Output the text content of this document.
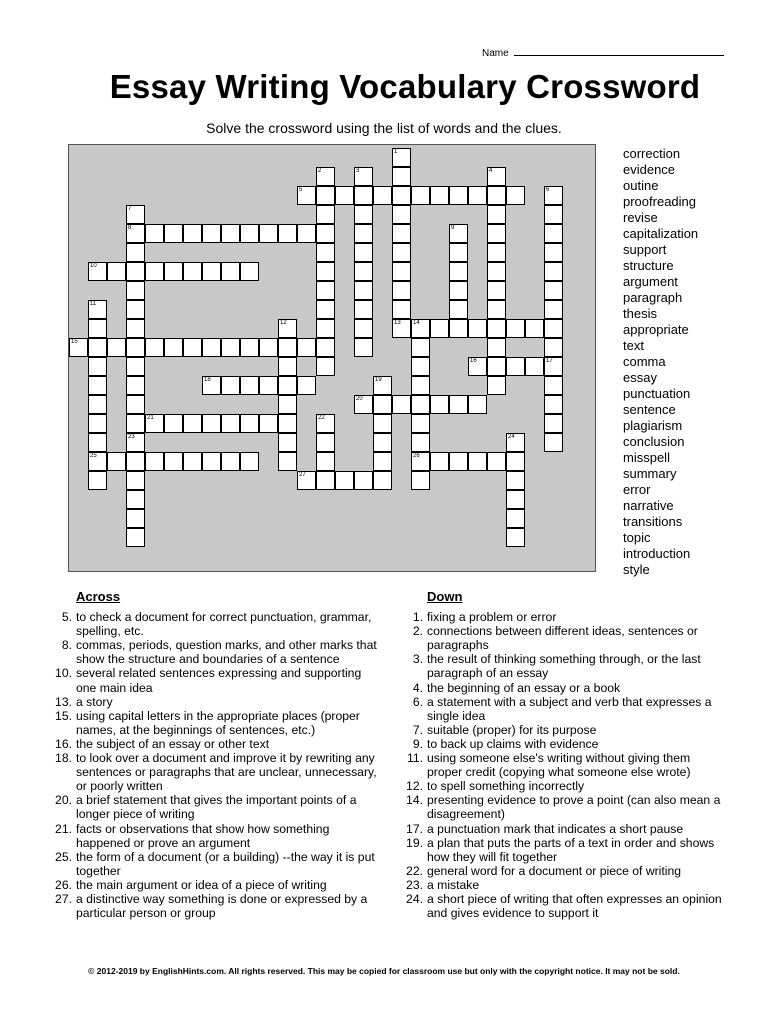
Name
Essay Writing Vocabulary Crossword
Solve the crossword using the list of words and the clues.
5
8
10
13 14
15
16	17
18
20
21
25	26
27
1
2	3	4
6
7
23
9
11
12
19
22
24
correction
evidence
outine
proofreading
revise
capitalization
support
structure
argument
paragraph
thesis
appropriate
text
comma
essay
punctuation
sentence
plagiarism
conclusion
misspell
summary
error
narrative
transitions
topic
introduction
style
Across
5. to check a document for correct punctuation, grammar, spelling, etc.
8. commas, periods, question marks, and other marks that show the structure and boundaries of a sentence
10. several related sentences expressing and supporting one main idea
13. a story
15. using capital letters in the appropriate places (proper names, at the beginnings of sentences, etc.)
16. the subject of an essay or other text
18. to look over a document and improve it by rewriting any sentences or paragraphs that are unclear, unnecessary, or poorly written
20. a brief statement that gives the important points of a longer piece of writing
21. facts or observations that show how something happened or prove an argument
25. the form of a document (or a building) --the way it is put together
26. the main argument or idea of a piece of writing
27. a distinctive way something is done or expressed by a particular person or group
Down
1. fixing a problem or error
2. connections between different ideas, sentences or paragraphs
3. the result of thinking something through, or the last paragraph of an essay
4. the beginning of an essay or a book
6. a statement with a subject and verb that expresses a single idea
7. suitable (proper) for its purpose
9. to back up claims with evidence
11. using someone else's writing without giving them proper credit (copying what someone else wrote)
12. to spell something incorrectly
14. presenting evidence to prove a point (can also mean a disagreement)
17. a punctuation mark that indicates a short pause
19. a plan that puts the parts of a text in order and shows how they will fit together
22. general word for a document or piece of writing
23. a mistake
24. a short piece of writing that often expresses an opinion and gives evidence to support it
© 2012-2019 by EnglishHints.com. All rights reserved. This may be copied for classroom use but only with the copyright notice. It may not be sold.
